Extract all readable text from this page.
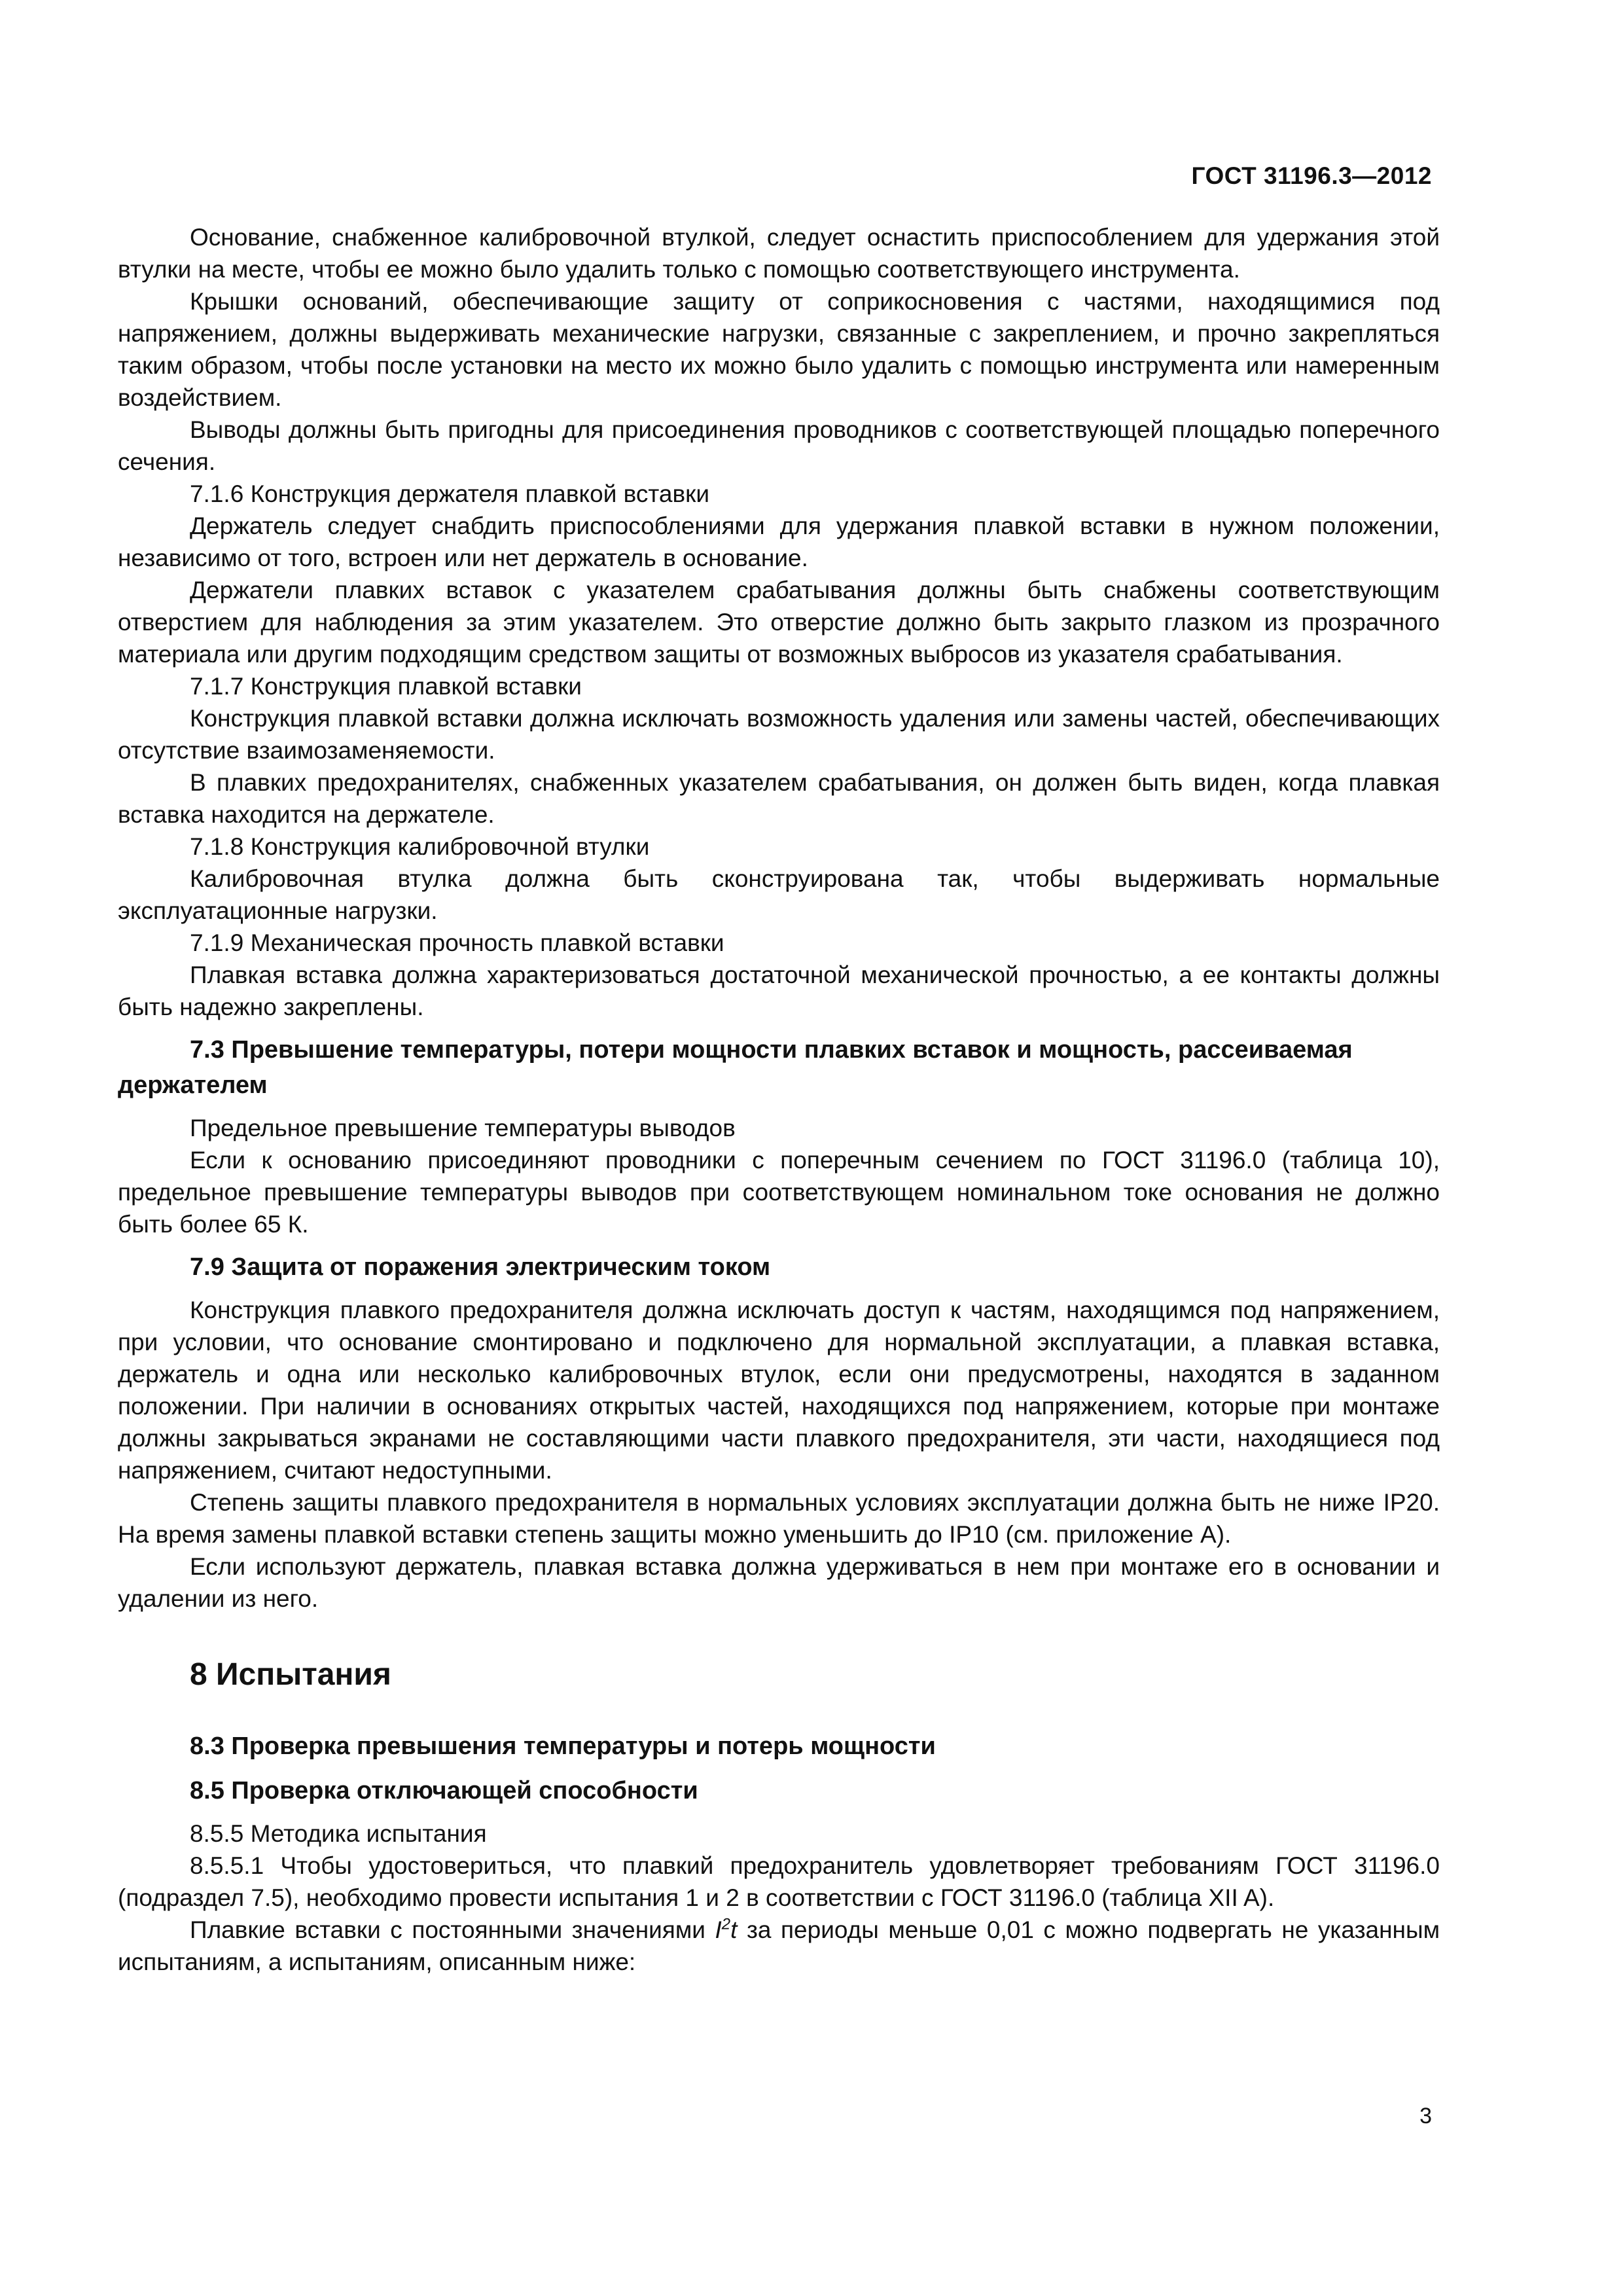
ГОСТ 31196.3—2012

Основание, снабженное калибровочной втулкой, следует оснастить приспособлением для удержания этой втулки на месте, чтобы ее можно было удалить только с помощью соответствующего инструмента.

Крышки оснований, обеспечивающие защиту от соприкосновения с частями, находящимися под напряжением, должны выдерживать механические нагрузки, связанные с закреплением, и прочно закрепляться таким образом, чтобы после установки на место их можно было удалить с помощью инструмента или намеренным воздействием.

Выводы должны быть пригодны для присоединения проводников с соответствующей площадью поперечного сечения.

7.1.6 Конструкция держателя плавкой вставки

Держатель следует снабдить приспособлениями для удержания плавкой вставки в нужном положении, независимо от того, встроен или нет держатель в основание.

Держатели плавких вставок с указателем срабатывания должны быть снабжены соответствующим отверстием для наблюдения за этим указателем. Это отверстие должно быть закрыто глазком из прозрачного материала или другим подходящим средством защиты от возможных выбросов из указателя срабатывания.

7.1.7 Конструкция плавкой вставки

Конструкция плавкой вставки должна исключать возможность удаления или замены частей, обеспечивающих отсутствие взаимозаменяемости.

В плавких предохранителях, снабженных указателем срабатывания, он должен быть виден, когда плавкая вставка находится на держателе.

7.1.8 Конструкция калибровочной втулки

Калибровочная втулка должна быть сконструирована так, чтобы выдерживать нормальные эксплуатационные нагрузки.

7.1.9 Механическая прочность плавкой вставки

Плавкая вставка должна характеризоваться достаточной механической прочностью, а ее контакты должны быть надежно закреплены.

7.3 Превышение температуры, потери мощности плавких вставок и мощность, рассеиваемая держателем

Предельное превышение температуры выводов

Если к основанию присоединяют проводники с поперечным сечением по ГОСТ 31196.0 (таблица 10), предельное превышение температуры выводов при соответствующем номинальном токе основания не должно быть более 65 К.

7.9 Защита от поражения электрическим током

Конструкция плавкого предохранителя должна исключать доступ к частям, находящимся под напряжением, при условии, что основание смонтировано и подключено для нормальной эксплуатации, а плавкая вставка, держатель и одна или несколько калибровочных втулок, если они предусмотрены, находятся в заданном положении. При наличии в основаниях открытых частей, находящихся под напряжением, которые при монтаже должны закрываться экранами не составляющими части плавкого предохранителя, эти части, находящиеся под напряжением, считают недоступными.

Степень защиты плавкого предохранителя в нормальных условиях эксплуатации должна быть не ниже IP20. На время замены плавкой вставки степень защиты можно уменьшить до IP10 (см. приложение А).

Если используют держатель, плавкая вставка должна удерживаться в нем при монтаже его в основании и удалении из него.

8 Испытания

8.3 Проверка превышения температуры и потерь мощности

8.5 Проверка отключающей способности

8.5.5 Методика испытания

8.5.5.1 Чтобы удостовериться, что плавкий предохранитель удовлетворяет требованиям ГОСТ 31196.0 (подраздел 7.5), необходимо провести испытания 1 и 2 в соответствии с ГОСТ 31196.0 (таблица XII A).

Плавкие вставки с постоянными значениями $I^2t$ за периоды меньше 0,01 с можно подвергать не указанным испытаниям, а испытаниям, описанным ниже:

3
